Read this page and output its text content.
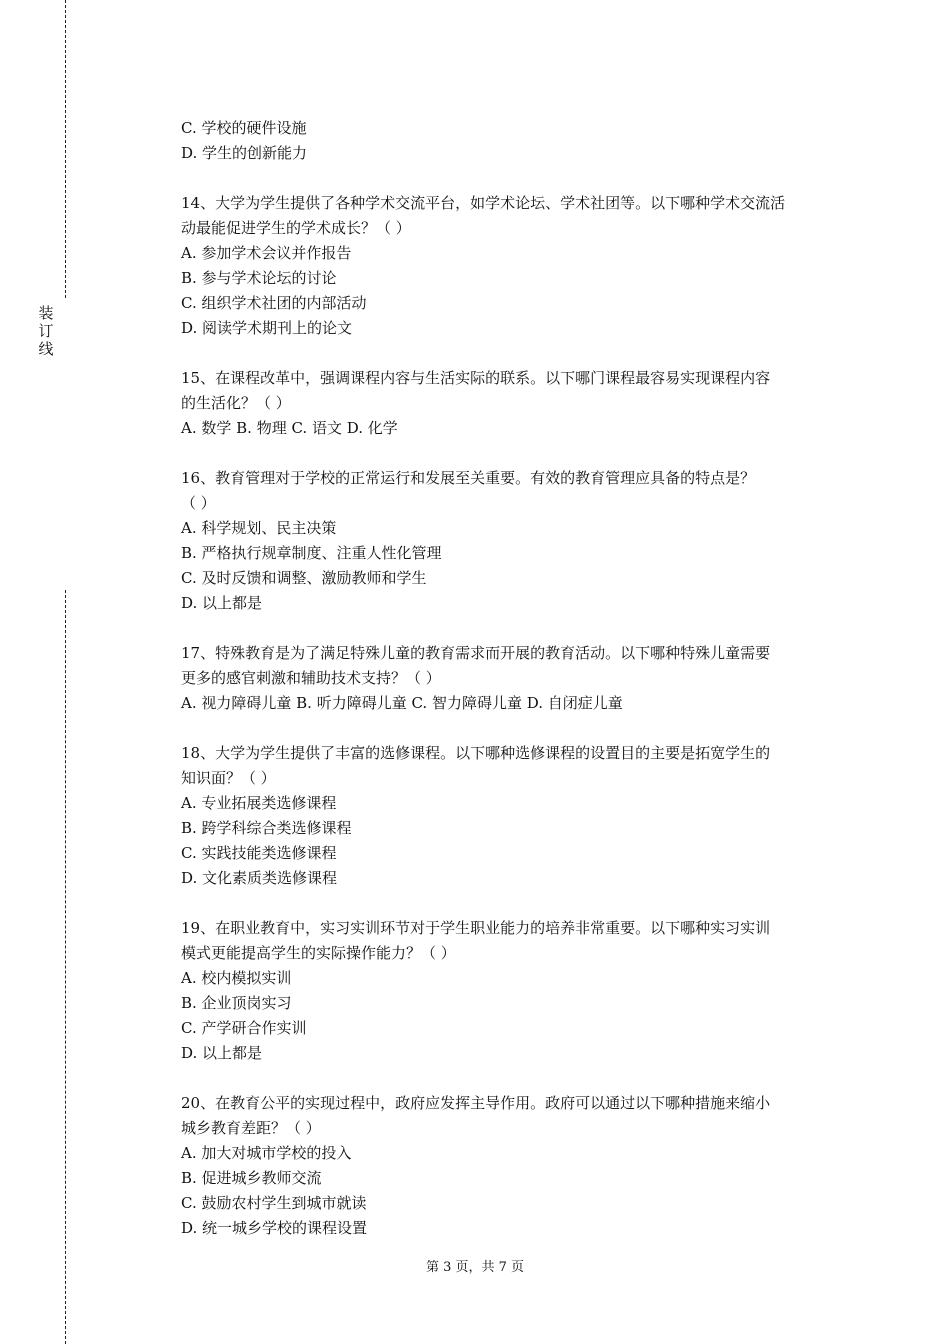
装
订
线
C. 学校的硬件设施
D. 学生的创新能力
14、大学为学生提供了各种学术交流平台，如学术论坛、学术社团等。以下哪种学术交流活
动最能促进学生的学术成长？（ ）
A. 参加学术会议并作报告
B. 参与学术论坛的讨论
C. 组织学术社团的内部活动
D. 阅读学术期刊上的论文
15、在课程改革中，强调课程内容与生活实际的联系。以下哪门课程最容易实现课程内容
的生活化？（ ）
A. 数学 B. 物理 C. 语文 D. 化学
16、教育管理对于学校的正常运行和发展至关重要。有效的教育管理应具备的特点是？
（ ）
A. 科学规划、民主决策
B. 严格执行规章制度、注重人性化管理
C. 及时反馈和调整、激励教师和学生
D. 以上都是
17、特殊教育是为了满足特殊儿童的教育需求而开展的教育活动。以下哪种特殊儿童需要
更多的感官刺激和辅助技术支持？（ ）
A. 视力障碍儿童 B. 听力障碍儿童 C. 智力障碍儿童 D. 自闭症儿童
18、大学为学生提供了丰富的选修课程。以下哪种选修课程的设置目的主要是拓宽学生的
知识面？（ ）
A. 专业拓展类选修课程
B. 跨学科综合类选修课程
C. 实践技能类选修课程
D. 文化素质类选修课程
19、在职业教育中，实习实训环节对于学生职业能力的培养非常重要。以下哪种实习实训
模式更能提高学生的实际操作能力？（ ）
A. 校内模拟实训
B. 企业顶岗实习
C. 产学研合作实训
D. 以上都是
20、在教育公平的实现过程中，政府应发挥主导作用。政府可以通过以下哪种措施来缩小
城乡教育差距？（ ）
A. 加大对城市学校的投入
B. 促进城乡教师交流
C. 鼓励农村学生到城市就读
D. 统一城乡学校的课程设置
第 3 页，共 7 页
